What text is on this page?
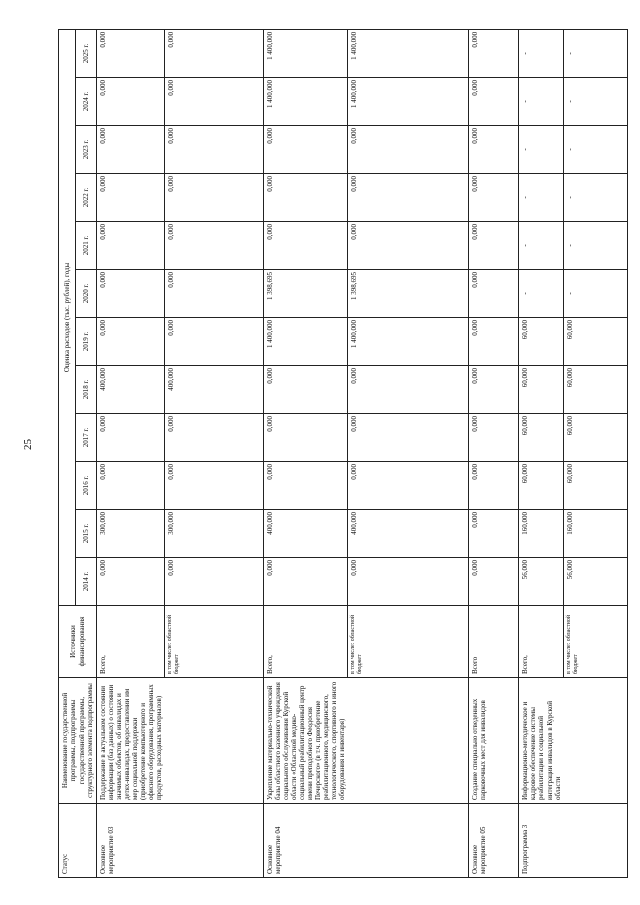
25
Статус	Наименование государственной программы, подпрограммы государственной программы, структурного элемента подпрограммы	Источники финансирования	Оценка расходов (тыс. рублей), годы											
			2014 г.	2015 г.	2016 г.	2017 г.	2018 г.	2019 г.	2020 г.	2021 г.	2022 г.	2023 г.	2024 г.	2025 г.
Основное мероприятие 03	Поддержание в актуальном состоянии информации (баз данных) о состоянии значимых объектов, об инвалидах и детях-инвалидах, предоставлении им мер социальной поддержки (приобретение компьютерного и офисного оборудования, программных продуктов, расходных материалов)	Всего,	0,000	300,000	0,000	0,000	400,000	0,000	0,000	0,000	0,000	0,000	0,000	0,000
		в том числе: областной бюджет	0,000	300,000	0,000	0,000	400,000	0,000	0,000	0,000	0,000	0,000	0,000	0,000
Основное мероприятие 04	Укрепление материально-технической базы областного казенного учреждения социального обслуживания Курской области «Областной медико-социальный реабилитационный центр имени преподобного Феодосия Печерского» (в т.ч. приобретение реабилитационного, медицинского, технологического, спортивного и иного оборудования и инвентаря)	Всего,	0,000	400,000	0,000	0,000	0,000	1 400,000	1 398,695	0,000	0,000	0,000	1 400,000	1 400,000
		в том числе: областной бюджет	0,000	400,000	0,000	0,000	0,000	1 400,000	1 398,695	0,000	0,000	0,000	1 400,000	1 400,000
Основное мероприятие 05	Создание специально отведенных парковочных мест для инвалидов	Всего	0,000	0,000	0,000	0,000	0,000	0,000	0,000	0,000	0,000	0,000	0,000	0,000
Подпрограмма 3	Информационно-методическое и кадровое обеспечение системы реабилитации и социальной интеграции инвалидов в Курской области	Всего,	56,000	160,000	60,000	60,000	60,000	60,000	-	-	-	-	-	-
		в том числе: областной бюджет	56,000	160,000	60,000	60,000	60,000	60,000	-	-	-	-	-	-
